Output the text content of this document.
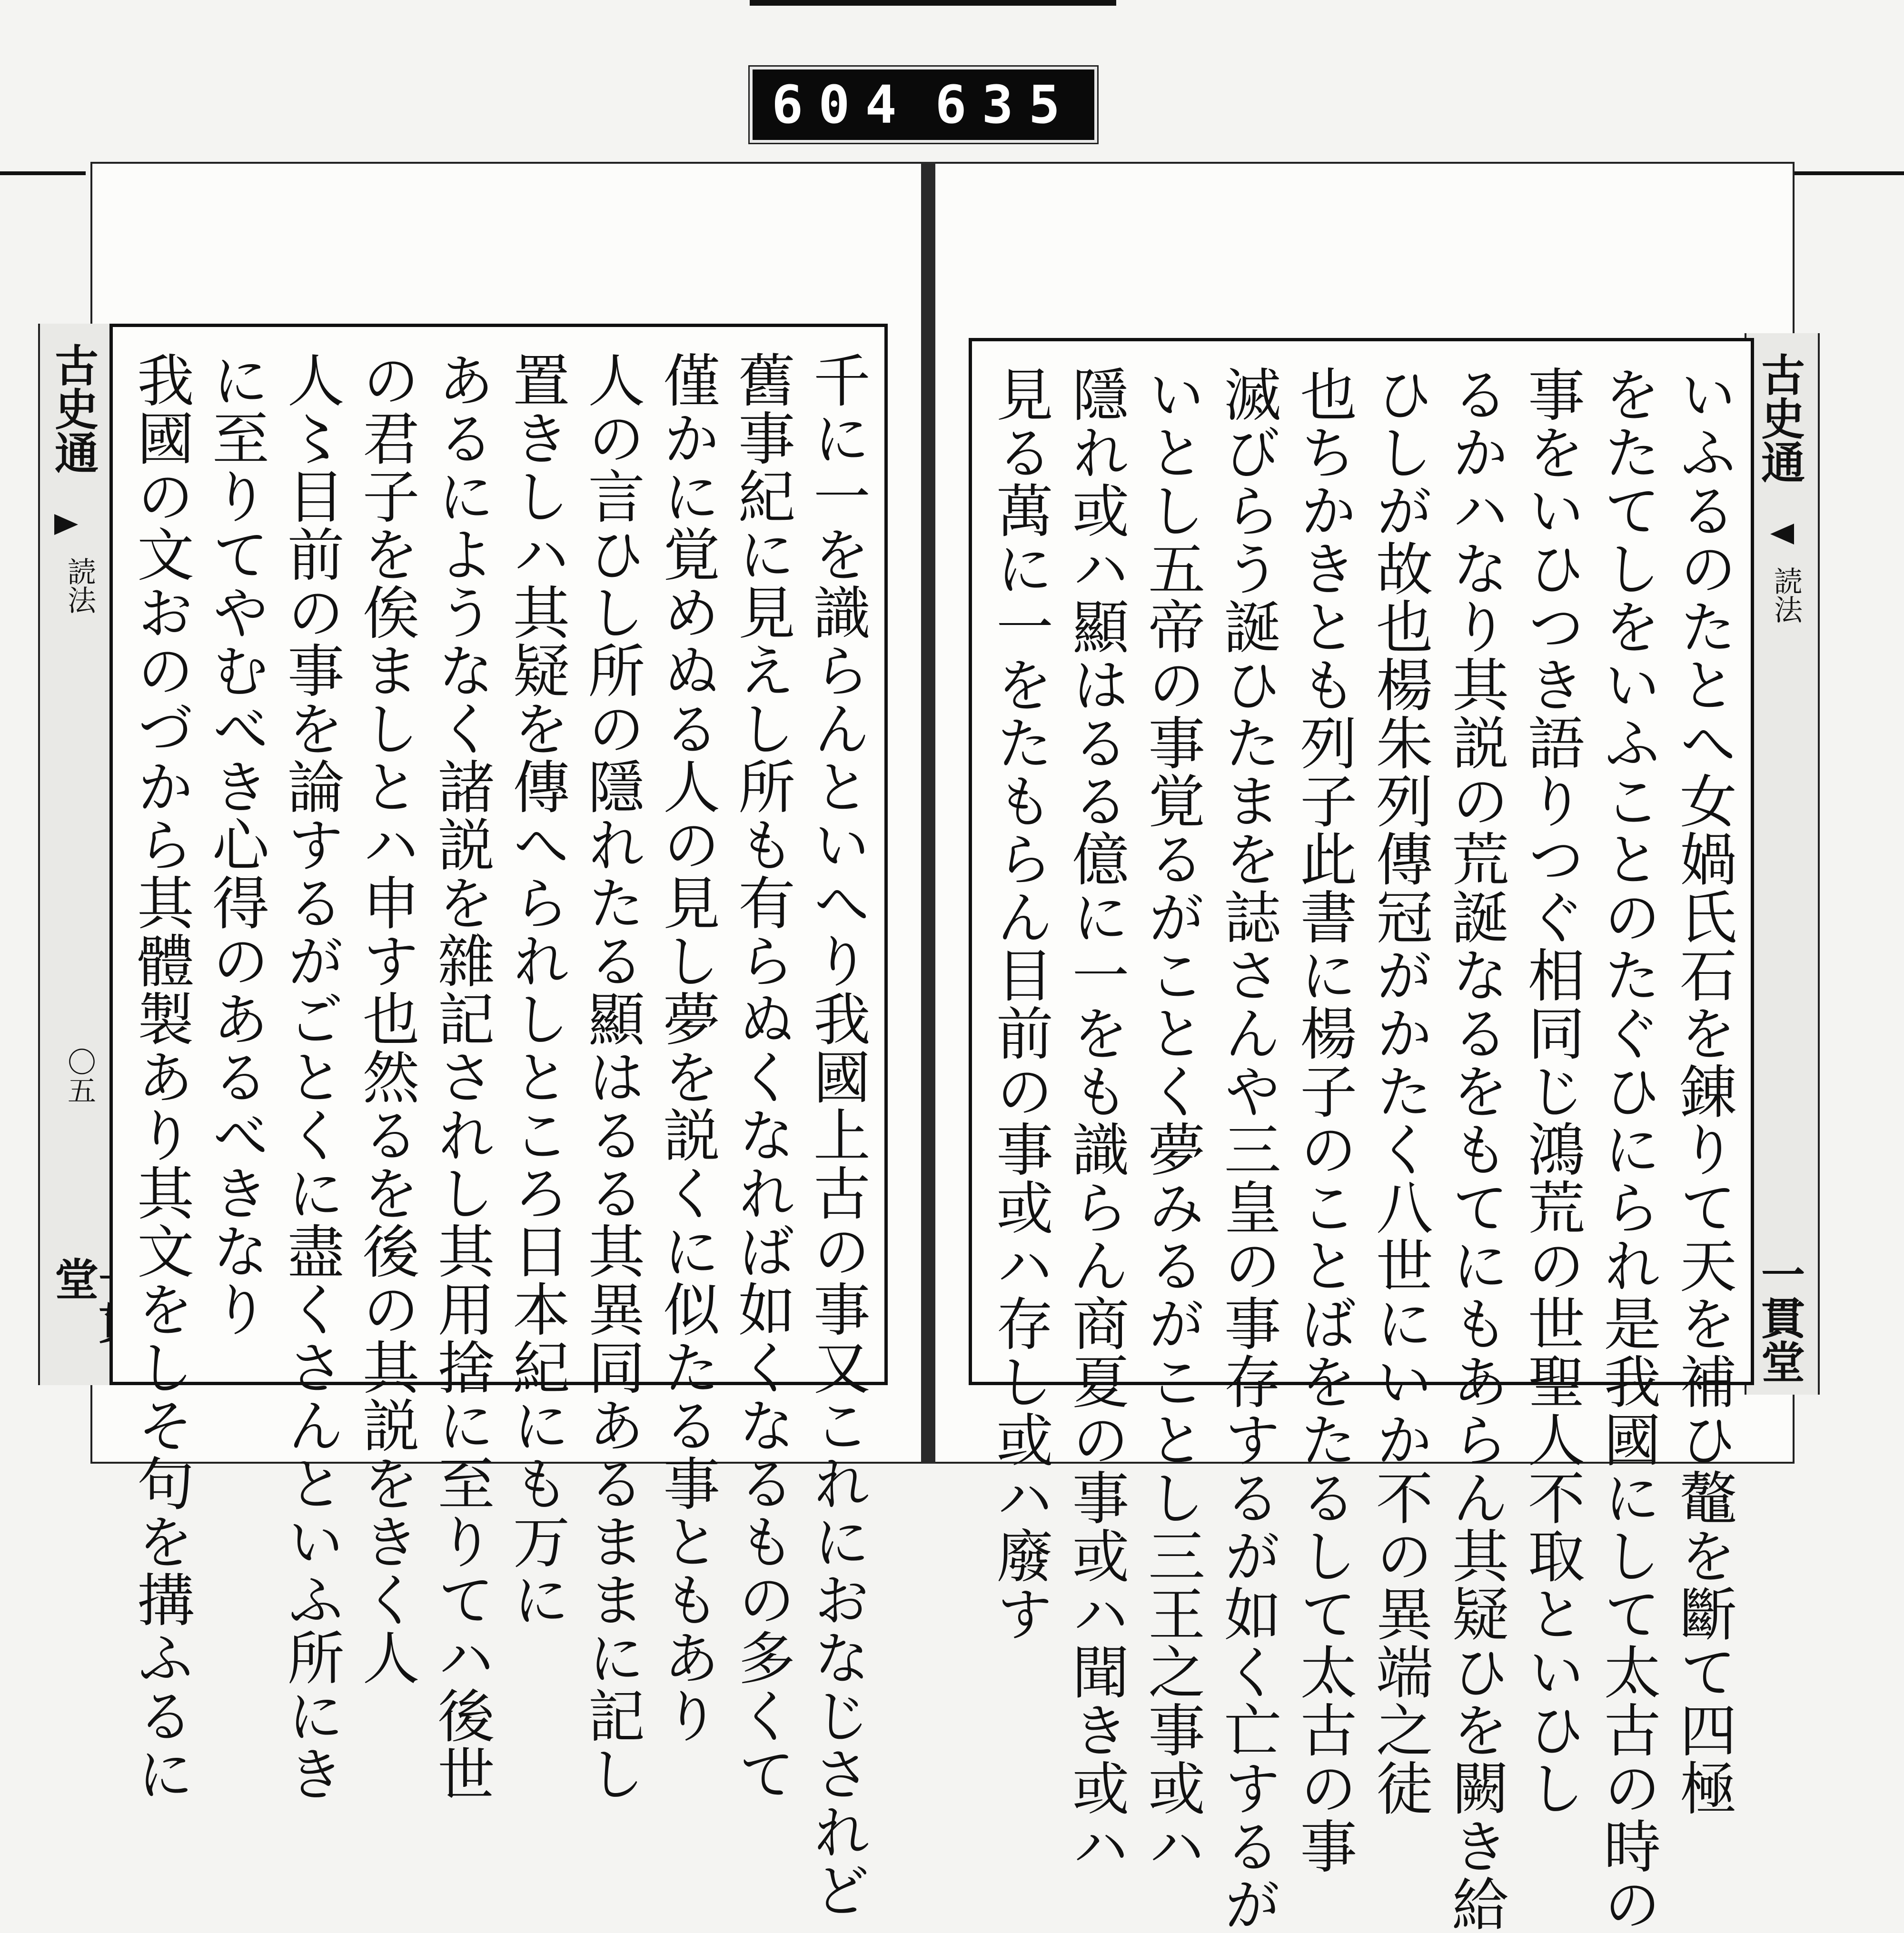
604 635
古史通
読法
〇五
堂
古史通
読法
一貫堂
千に一を識らんといへり我國上古の事又これにおなじされど
舊事紀に見えし所も有らぬくなれば如くなるもの多くて
僅かに覚めぬる人の見し夢を説くに似たる事ともあり
人の言ひし所の隱れたる顯はるる其異同あるままに記し
置きしハ其疑を傳へられしところ日本紀にも万に
あるにようなく諸説を雜記されし其用捨に至りてハ後世
の君子を俟ましとハ申す也然るを後の其説をきく人
人〻目前の事を論するがごとくに盡くさんといふ所にき
に至りてやむべき心得のあるべきなり
我國の文おのづから其體製あり其文をしそ句を搆ふるに	いふるのたとへ女媧氏石を錬りて天を補ひ鼇を斷て四極
をたてしをいふことのたぐひにられ是我國にして太古の時の
事をいひつき語りつぐ相同じ鴻荒の世聖人不取といひし
るかハなり其説の荒誕なるをもてにもあらん其疑ひを闕き給
ひしが故也楊朱列傳冠がかたく八世にいか不の異端之徒
也ちかきとも列子此書に楊子のことばをたるして太古の事
滅びらう誕ひたまを誌さんや三皇の事存するが如く亡するが
いとし五帝の事覚るがことく夢みるがことし三王之事或ハ
隱れ或ハ顯はるる億に一をも識らん商夏の事或ハ聞き或ハ
見る萬に一をたもらん目前の事或ハ存し或ハ廢す
